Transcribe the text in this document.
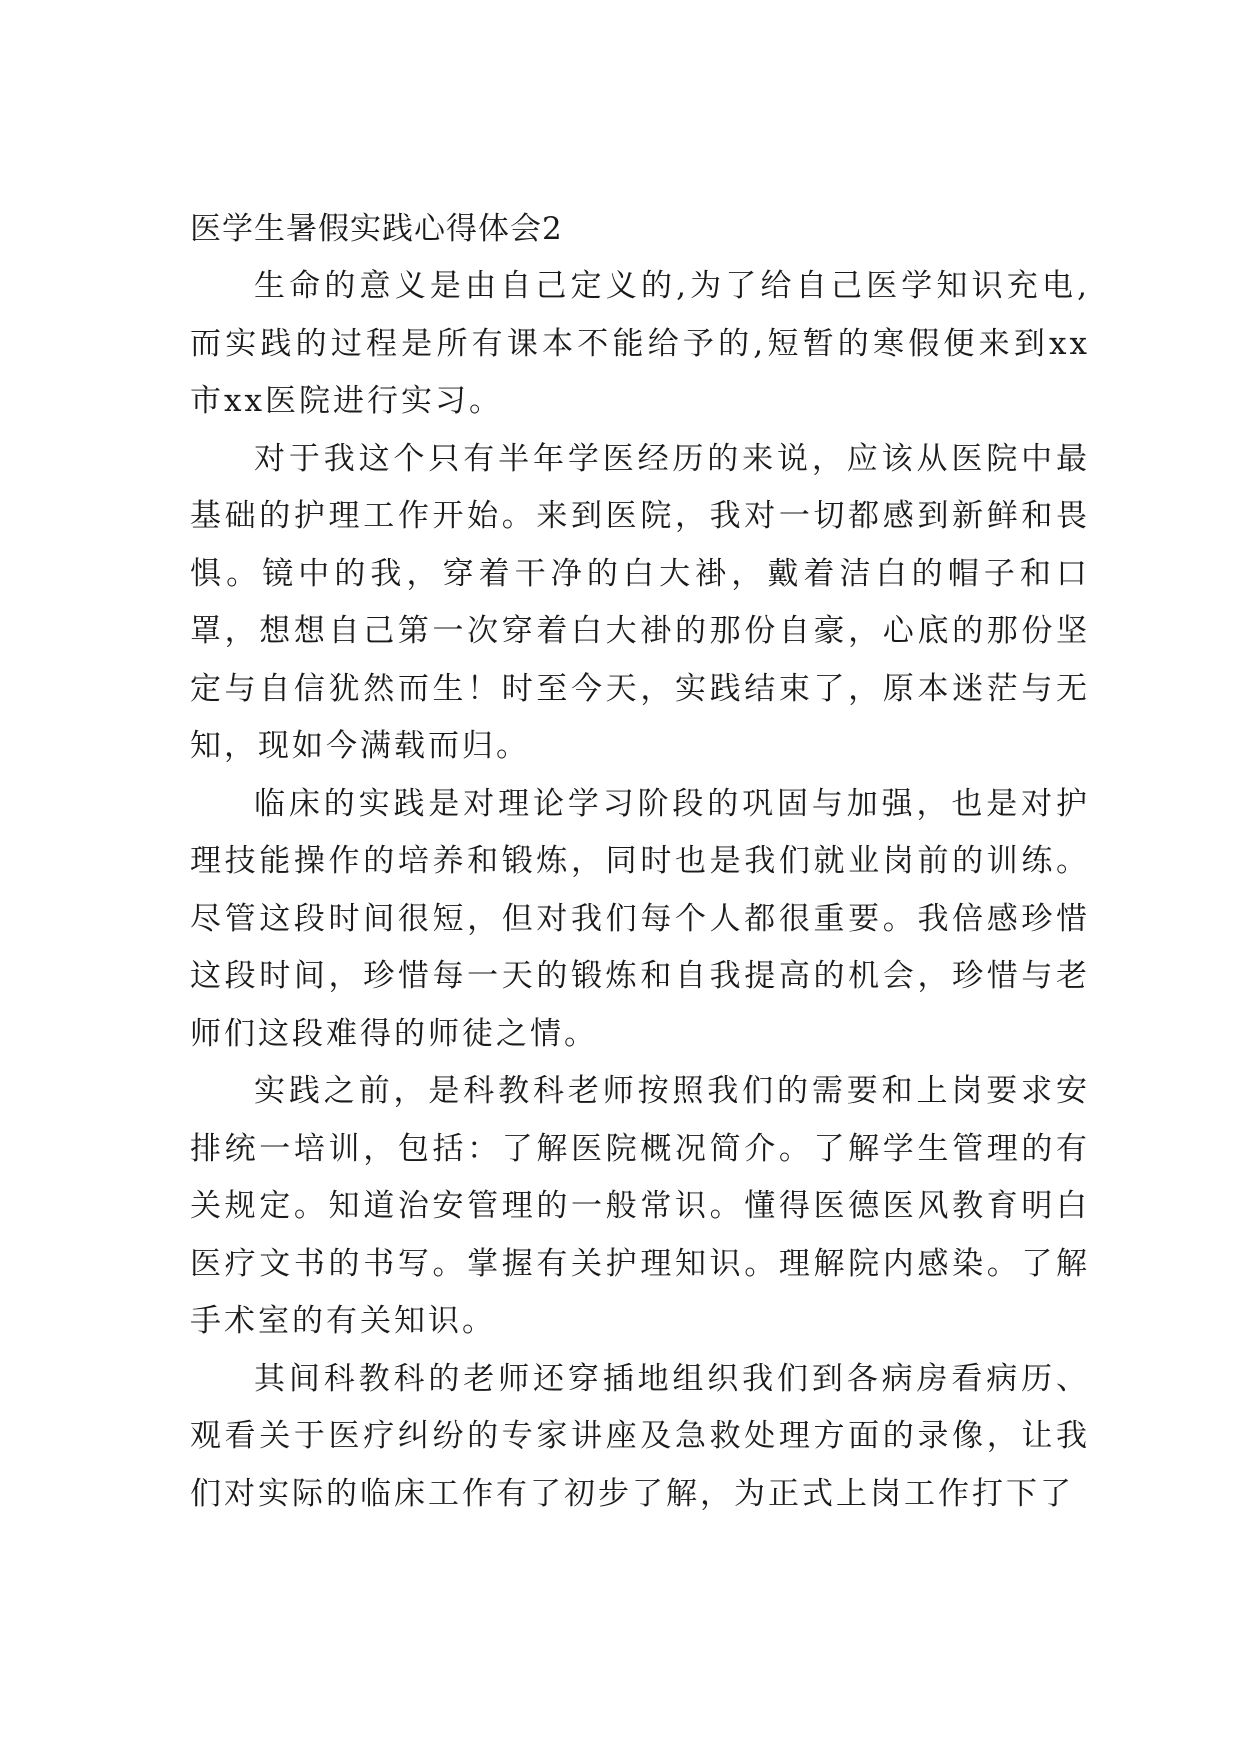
医学生暑假实践心得体会2

生命的意义是由自己定义的,为了给自己医学知识充电,而实践的过程是所有课本不能给予的,短暂的寒假便来到xx市xx医院进行实习。

对于我这个只有半年学医经历的来说，应该从医院中最基础的护理工作开始。来到医院，我对一切都感到新鲜和畏惧。镜中的我，穿着干净的白大褂，戴着洁白的帽子和口罩，想想自己第一次穿着白大褂的那份自豪，心底的那份坚定与自信犹然而生！时至今天，实践结束了，原本迷茫与无知，现如今满载而归。

临床的实践是对理论学习阶段的巩固与加强，也是对护理技能操作的培养和锻炼，同时也是我们就业岗前的训练。尽管这段时间很短，但对我们每个人都很重要。我倍感珍惜这段时间，珍惜每一天的锻炼和自我提高的机会，珍惜与老师们这段难得的师徒之情。

实践之前，是科教科老师按照我们的需要和上岗要求安排统一培训，包括：了解医院概况简介。了解学生管理的有关规定。知道治安管理的一般常识。懂得医德医风教育明白医疗文书的书写。掌握有关护理知识。理解院内感染。了解手术室的有关知识。

其间科教科的老师还穿插地组织我们到各病房看病历、观看关于医疗纠纷的专家讲座及急救处理方面的录像，让我们对实际的临床工作有了初步了解，为正式上岗工作打下了
